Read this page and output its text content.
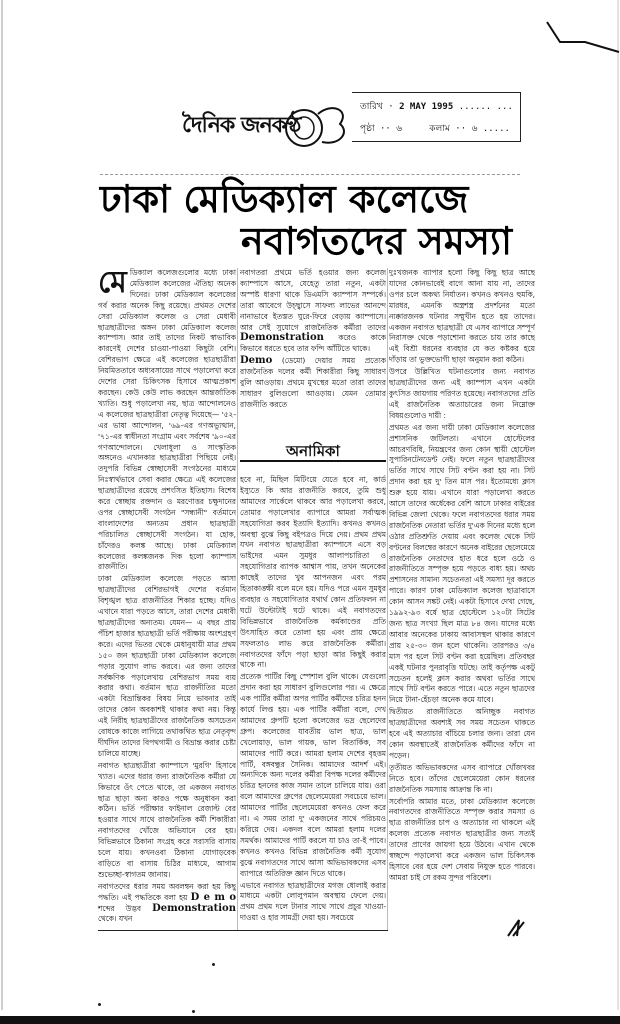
দৈনিক জনকণ্ঠ
তারিখ · 2 MAY 1995 ...... ...
পৃষ্ঠা ·· ৬	কলাম ·· ৬ .....
ঢাকা মেডিক্যাল কলেজে
নবাগতদের সমস্যা

মে ডিক্যাল কলেজগুলোর মধ্যে ঢাকা মেডিক্যাল কলেজের ঐতিহ্য অনেক দিনের। ঢাকা মেডিক্যাল কলেজের গর্ব করার অনেক কিছু রয়েছে। প্রথমত দেশের সেরা মেডিক্যাল কলেজ ও সেরা মেধাবী ছাত্রছাত্রীদের অঙ্গন ঢাকা মেডিক্যাল কলেজ ক্যাম্পাস। আর তাই তাদের নিকট স্বাভাবিক কারণেই দেশের চাওয়া-পাওয়া কিছুটা বেশি। বেশিরভাগ ক্ষেত্রে এই কলেজের ছাত্রছাত্রীরা নিয়মিততাবে অধ্যবসায়ের সাথে পড়ালেখা করে দেশের সেরা চিকিৎসক হিসাবে আত্মপ্রকাশ করছেন। কেউ কেউ লাভ করছেন আন্তর্জাতিক খ্যাতি। শুধু পড়ালেখা নয়, ছাত্র আন্দোলনেও এ কলেজের ছাত্রছাত্রীরা নেতৃত্ব দিয়েছে— '৫২-এর ভাষা আন্দোলন, '৬৯-এর গণঅভ্যুত্থান, '৭১-এর স্বাধীনতা সংগ্রাম এবং সর্বশেষ '৯০-এর গণআন্দোলনে। খেলাধুলা ও সাংস্কৃতিক অঙ্গনেও এখানকার ছাত্রছাত্রীরা পিছিয়ে নেই। তদুপরি বিভিন্ন স্বেচ্ছাসেবী সংগঠনের মাধ্যমে নিঃস্বার্থভাবে সেবা করার ক্ষেত্রে এই কলেজের ছাত্রছাত্রীদের রয়েছে প্রশংসিত ইতিহাস। বিশেষ করে স্বেচ্ছায় রক্তদান ও মরণোত্তর চক্ষুদানের ওপর স্বেচ্ছাসেবী সংগঠন "সন্ধানী" বর্তমানে বাংলাদেশের অন্যতম প্রধান ছাত্রছাত্রী পরিচালিত স্বেচ্ছাসেবী সংগঠন। যা হোক, চাঁদেরও কলঙ্ক আছে। ঢাকা মেডিক্যাল কলেজের কলঙ্কজনক দিক হলো ক্যাম্পাস রাজনীতি।

ঢাকা মেডিক্যাল কলেজে পড়তে আসা ছাত্রছাত্রীদের বেশিরভাগই দেশের বর্তমান বিশৃঙ্খল ছাত্র রাজনীতির শিকার হচ্ছে। যদিও এখানে যারা পড়তে আসে, তারা দেশের মেধাবী ছাত্রছাত্রীদের অন্যতম। যেমন— এ বছর প্রায় পঁচিশ হাজার ছাত্রছাত্রী ভর্তি পরীক্ষায় অংশগ্রহণ করে। এদের ভিতর থেকে মেধানুযায়ী মাত্র প্রথম ১৫০ জন ছাত্রছাত্রী ঢাকা মেডিক্যাল কলেজে পড়ার সুযোগ লাভ করবে। এর জন্য তাদের সর্বক্ষণিক পড়ালেখায় বেশিরভাগ সময় ব্যয় করার কথা। বর্তমান ছাত্র রাজনীতির মতো একটা বিভ্রান্তিকর বিষয় নিয়ে ভাবনার তাই তাদের কোন অবকাশই থাকার কথা নয়। কিন্তু এই নিরীহ ছাত্রছাত্রীদের রাজনৈতিক অসচেতন বোধকে কাজে লাগিয়ে তথাকথিত ছাত্র নেতৃবৃন্দ দীর্ঘদিন তাদের বিপথগামী ও বিভ্রান্ত করার চেষ্টা চালিয়ে যাচ্ছে।

নবাগত ছাত্রছাত্রীরা ক্যাম্পাসে 'মুরগি' হিসাবে খ্যাত। এদের ধরার জন্য রাজনৈতিক কর্মীরা যে কিভাবে ওঁৎ পেতে থাকে, তা একজন নবাগত ছাত্র ছাড়া অন্য কারও পক্ষে অনুধাবন করা কঠিন। ভর্তি পরীক্ষার ফাইনাল রেজাল্ট বের হওয়ার সাথে সাথে রাজনৈতিক কর্মী শিকারীরা নবাগতদের খোঁজে অভিযানে বের হয়। বিভিন্নভাবে ঠিকানা সংগ্রহ করে সরাসরি বাসায় চলে যায়। কখনওবা ঠিকানা যোগাড়বেক বাড়িতে বা বাসায় চিঠির মাধ্যমে, আগাম শুভেচ্ছা-স্বাগতম জানায়।

নবাগতদের ধরার সময় অবলম্বন করা হয় কিছু পদ্ধতি। এই পদ্ধতিকে বলা হয় D e m o শব্দের উদ্ভব Demonstration থেকে। যখন

নবাগতরা প্রথমে ভর্তি হওয়ার জন্য কলেজ ক্যাম্পাসে আসে, যেহেতু তারা নতুন, একটা অস্পষ্ট ধারণা থাকে ডিএমসি ক্যাম্পাস সম্পর্কে। তারা আবেগে উচ্ছ্বাসে সাফল্য লাভের আনন্দে নানাভাবে ইতস্তত ঘুরে-ফিরে বেড়ায় ক্যাম্পাসে। আর সেই সুযোগে রাজনৈতিক কর্মীরা তাদের Demonstration করেও কাকে কিভাবে ধরতে হবে তার ফন্দি আঁটিতে থাকে।

Demo (ডেমো) দেয়ার সময় প্রত্যেক রাজনৈতিক দলের কর্মী শিকারীরা কিছু সাধারণ বুলি আওড়ায়। প্রথমে মুখস্থের মতো তারা তাদের সাধারণ বুলিগুলো আওড়ায়। যেমন তোমার রাজনীতি করতে

অনামিকা

হবে না, মিছিল মিটিংয়ে যেতে হবে না, কার্ড ইস্যুতে কি আর রাজনীতি করবে, তুমি শুধু আমাদের সার্কেলে থাকবে আর পড়ালেখা করবে, তোমার পড়ালেখার ব্যাপারে আমরা সর্বাত্মক সহযোগিতা করব ইত্যাদি ইত্যাদি। কখনও কখনও অবস্থা বুঝে কিছু বইপত্রও দিয়ে দেয়। প্রথম প্রথম যখন নবাগত ছাত্রছাত্রীরা ক্যাম্পাসে এসে বড় ভাইদের এমন সুমধুর আলাপচারিতা ও সহযোগিতার ব্যাপক আশ্বাস পায়, তখন অনেকের কাছেই তাদের খুব আপনজন এবং পরম হিতাকাঙ্ক্ষী বলে মনে হয়। যদিও পরে এমন সুমধুর ব্যবহার ও সহযোগিতার যথার্থ কোন প্রতিফলন না ঘটে উল্টোটাই ঘটে থাকে। এই নবাগতদের বিভিন্নভাবে রাজনৈতিক কর্মকাণ্ডের প্রতি উৎসাহিত করে তোলা হয় এবং প্রায় ক্ষেত্রে সফলতাও লাভ করে রাজনৈতিক কর্মীরা। নবাগতদের ফাঁদে পড়া ছাড়া আর কিছুই করার থাকে না।

প্রত্যেক পার্টির কিছু স্পেশাল বুলি থাকে। যেগুলো প্রদান করা হয় সাধারণ বুলিগুলোর পর। এ ক্ষেত্রে এক পার্টির কর্মীরা অপর পার্টির কর্মীদের চরিত্র হনন কার্যে লিপ্ত হয়। এক পার্টির কর্মীরা বলে, দেখ আমাদের গ্রুপটি হলো কলেজের ভদ্র ছেলেদের গ্রুপ। কলেজের যাবতীয় ভাল ছাত্র, ভাল খেলোয়াড়, ভাল গায়ক, ভাল বিতার্কিক, সব আমাদের পার্টি করে। আমরা হলাম দেশের বৃহত্তম পার্টি, বঙ্গবন্ধুর সৈনিক। আমাদের আদর্শ এই। অন্যদিকে অন্য দলের কর্মীরা বিপক্ষ দলের কর্মীদের চরিত্র হননের কাজ সমান তালে চালিয়ে যায়। ওরা বলে আমাদের গ্রুপের ছেলেমেয়েরা সবচেয়ে ভাল। আমাদের পার্টির ছেলেমেয়েরা কখনও ফেল করে না। এ সময় তারা দু' একজনের সাথে পরিচয়ও করিয়ে দেয়। একদল বলে আমরা হলাম দলের সমর্থক। আমাদের পার্টি করলে যা চাও তা-ই পাবে। কখনও কখনও বিভিন্ন রাজনৈতিক কর্মী সুযোগ বুঝে নবাগতদের সাথে আসা অভিভাবকদের এসব ব্যাপারে অতিরিক্ত জ্ঞান দিতে থাকে।

এভাবে নবাগত ছাত্রছাত্রীদের মগজ ধোলাই করার মাধ্যমে একটা লোলুপমান অবস্থায় ফেলে দেয়। প্রথম প্রথম দলে টানার সাথে সাথে প্রচুর খাওয়া-দাওয়া ও হার সামগ্রী দেয়া হয়। সবচেয়ে

দুঃখজনক ব্যাপার হলো কিছু কিছু ছাত্র আছে যাদের কোনভাবেই বাগে আনা যায় না, তাদের ওপর চলে অকথ্য নির্যাতন। কখনও কখনও হুমকি, মারধর, এমনকি অস্ত্রশস্ত্র প্রদর্শনের মতো ন্যক্কারজনক ঘটনার সম্মুখীন হতে হয় তাদের। একজন নবাগত ছাত্রছাত্রী যে এসব ব্যাপারে সম্পূর্ণ নিরাসক্ত থেকে পড়াশোনা করতে চায় তার কাছে এই বিশ্রী ধরনের ব্যবহার যে কত কষ্টকর হয়ে দাঁড়ায় তা ভুক্তভোগী ছাড়া অনুমান করা কঠিন।

উপরে উল্লিখিত ঘটনাগুলোর জন্য নবাগত ছাত্রছাত্রীদের জন্য এই ক্যাম্পাস এখন একটা কুৎসিত জায়গায় পরিণত হয়েছে। নবাগতদের প্রতি এই রাজনৈতিক অত্যাচারের জন্য নিম্নোক্ত বিষয়গুলোও দায়ী :

প্রথমত এর জন্য দায়ী ঢাকা মেডিক্যাল কলেজের প্রশাসনিক জটিলতা। এখানে হোস্টেলের আচরণবিধি, নিয়ন্ত্রণের জন্য কোন স্থায়ী হোস্টেল সুপারিনটেনডেন্ট নেই। ফলে নতুন ছাত্রছাত্রীদের ভর্তির সাথে সাথে সিট বণ্টন করা হয় না। সিট প্রদান করা হয় দু' তিন মাস পর। ইতোমধ্যে ক্লাস শুরু হয়ে যায়। এখানে যারা পড়ালেখা করতে আসে তাদের অর্ধেকের বেশি আসে ঢাকার বাইরের বিভিন্ন জেলা থেকে। ফলে নবাগতদের ধরার সময় রাজনৈতিক নেতারা ভর্তির দু'এক দিনের মধ্যে হলে ওঠার প্রতিশ্রুতি দেয়ায় এবং কলেজ থেকে সিট বণ্টনের বিলম্বের কারণে অনেক বাইরের ছেলেমেয়ে রাজনৈতিক নেতাদের হাত ধরে হলে ওঠে ও রাজনীতিতে সম্পৃক্ত হয়ে পড়তে বাধ্য হয়। অথচ প্রশাসনের সামান্য সচেতনতা এই সমস্যা দূর করতে পারে। কারণ ঢাকা মেডিক্যাল কলেজ ছাত্রাবাসে কোন আসন সঙ্কট নেই। একটা হিসাবে দেখা গেছে, ১৯৯২-৯৩ বর্ষে ছাত্র হোস্টেলে ১২০টা সিটের জন্য ছাত্র সংখ্যা ছিল মাত্র ৮৪ জন। যাদের মধ্যে আবার অনেকের ঢাকায় আবাসস্থল থাকার কারণে প্রায় ২৫-৩০ জন হলে থাকেনি। তারপরও ৩/৪ মাস পর হলে সিট বণ্টন করা হয়েছিল। প্রতিবছর একই ঘটনার পুনরাবৃত্তি ঘটছে। তাই কর্তৃপক্ষ একটু সচেতন হলেই ক্লাস করার অথবা ভর্তির সাথে সাথে সিট বণ্টন করতে পারে। এতে নতুন ছাত্রদের নিয়ে টানা-হেঁচড়া অনেক কমে যাবে।

দ্বিতীয়ত রাজনীতিতে অনিচ্ছুক নবাগত ছাত্রছাত্রীদের অবশ্যই সব সময় সচেতন থাকতে হবে এই অত্যাচার বাঁচিয়ে চলার জন্য। তারা যেন কোন অবস্থাতেই রাজনৈতিক কর্মীদের ফাঁদে না পড়েন।

তৃতীয়ত অভিভাবকদের এসব ব্যাপারে খোঁজখবর নিতে হবে। তাঁদের ছেলেমেয়েরা কোন ধরনের রাজনৈতিক সমস্যায় আক্রান্ত কি না।

সর্বোপরি আমার মতে, ঢাকা মেডিক্যাল কলেজে নবাগতদের রাজনীতিতে সম্পৃক্ত করার সমস্যা ও ছাত্র রাজনীতির চাপ ও অত্যাচার না থাকলে এই কলেজ প্রত্যেক নবাগত ছাত্রছাত্রীর জন্য সত্যই তাদের প্রাণের জায়গা হয়ে উঠবে। এখান থেকে স্বচ্ছন্দে পড়ালেখা করে একজন ভাল চিকিৎসক হিসাবে বের হয়ে দেশ সেবায় নিযুক্ত হতে পারবে। আমরা চাই সে রকম সুন্দর পরিবেশ।
